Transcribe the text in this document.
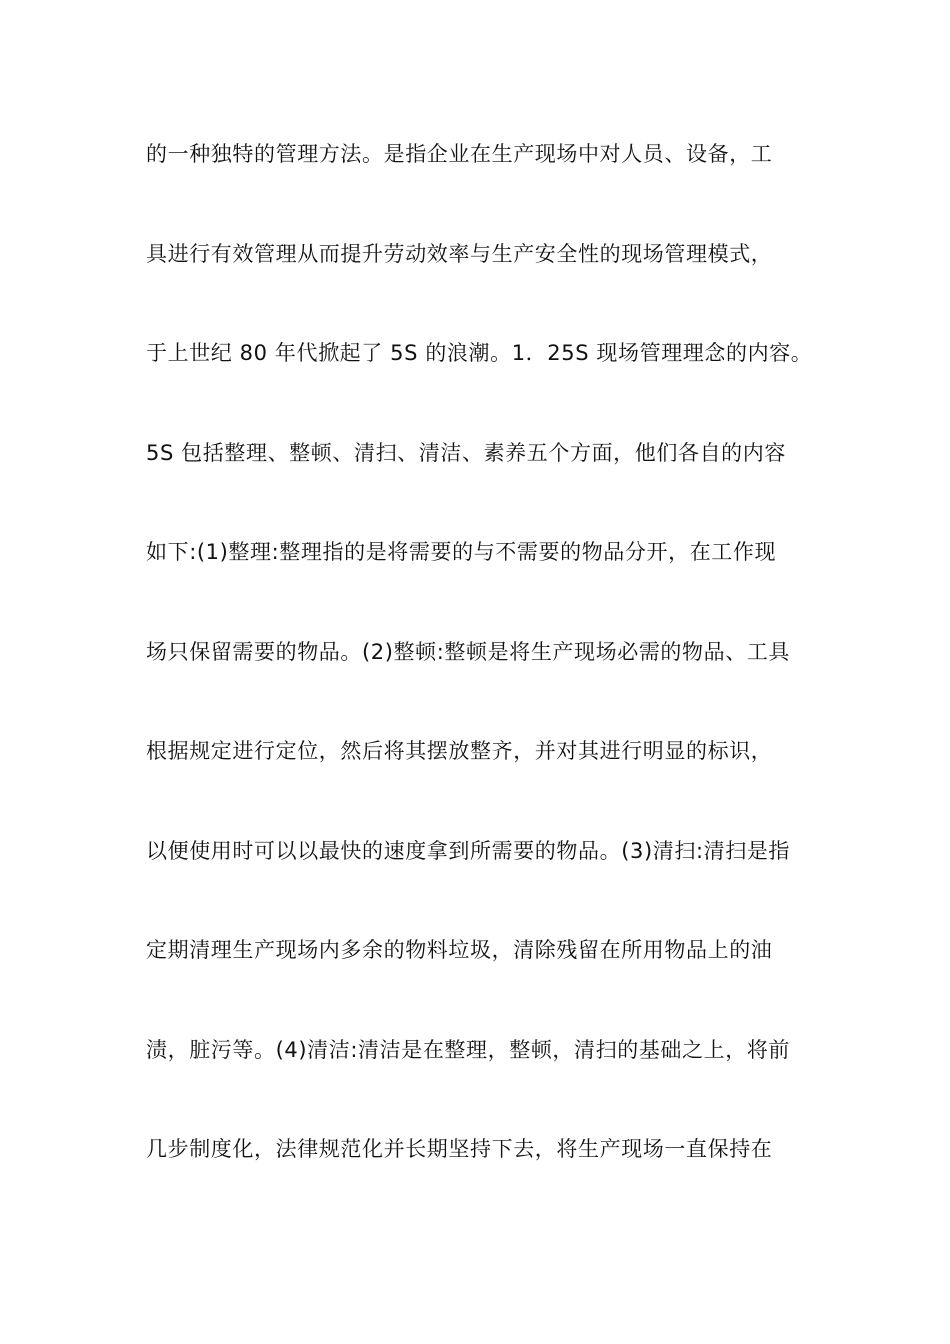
的一种独特的管理方法。是指企业在生产现场中对人员、设备，工
具进行有效管理从而提升劳动效率与生产安全性的现场管理模式，
于上世纪 80 年代掀起了 5S 的浪潮。1．25S 现场管理理念的内容。
5S 包括整理、整顿、清扫、清洁、素养五个方面，他们各自的内容
如下:(1)整理:整理指的是将需要的与不需要的物品分开，在工作现
场只保留需要的物品。(2)整顿:整顿是将生产现场必需的物品、工具
根据规定进行定位，然后将其摆放整齐，并对其进行明显的标识，
以便使用时可以以最快的速度拿到所需要的物品。(3)清扫:清扫是指
定期清理生产现场内多余的物料垃圾，清除残留在所用物品上的油
渍，脏污等。(4)清洁:清洁是在整理，整顿，清扫的基础之上，将前
几步制度化，法律规范化并长期坚持下去，将生产现场一直保持在
